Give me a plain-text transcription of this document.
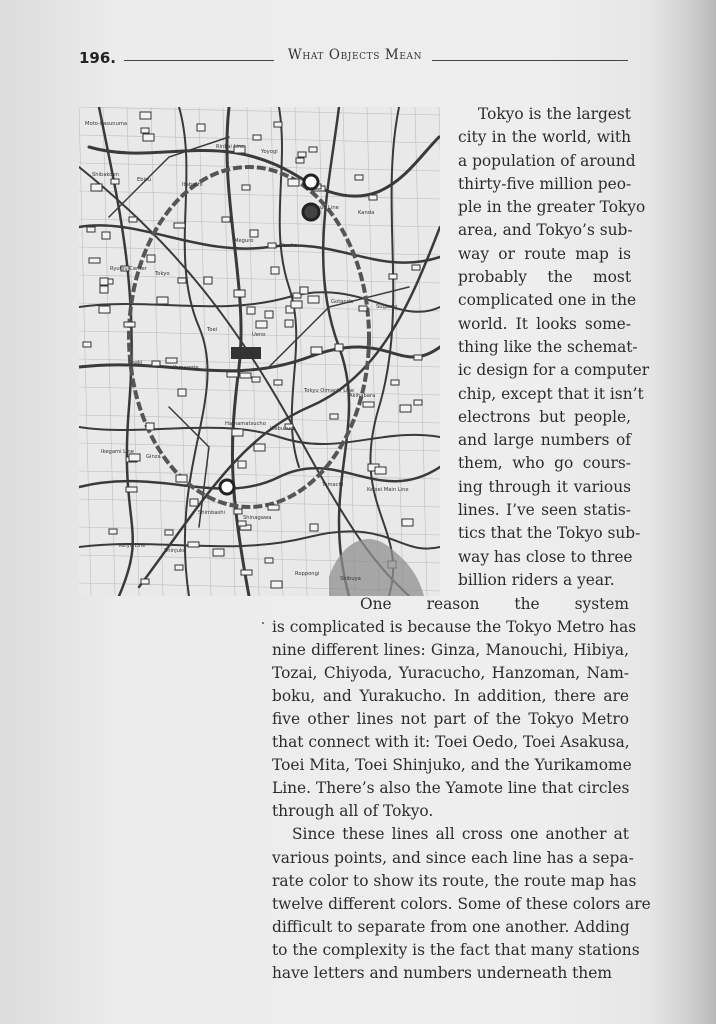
196.	What Objects Mean
Moto-hasunuma
Itabashi
Otsuka
Sugamo
Yamanote
Ikebukuro
Keisei Main Line
Shinjuku
Yoyogi
Kanda
Tokyo
Ueno
Akihabara
Ginza
Shinagawa
Shibuya
Ebisu
Meguro
Gotanda
Osaki
Hamamatsucho
Tamachi
Keiyo Line
Rinkai Line
Chuo Line
Ryutsu Center
Toei
Tokyu Oimachi Line
Ikegami Line
Shimbashi
Roppongi
Shibakoen
Tokyo is the largest
city in the world, with
a population of around
thirty-five million peo-
ple in the greater Tokyo
area, and Tokyo’s sub-
way or route map is
probably the most
complicated one in the
world. It looks some-
thing like the schemat-
ic design for a computer
chip, except that it isn’t
electrons but people,
and large numbers of
them, who go cours-
ing through it various
lines. I’ve seen statis-
tics that the Tokyo sub-
way has close to three
billion riders a year.
One reason the system
is complicated is because the Tokyo Metro has
nine different lines: Ginza, Manouchi, Hibiya,
Tozai, Chiyoda, Yuracucho, Hanzoman, Nam-
boku, and Yurakucho. In addition, there are
five other lines not part of the Tokyo Metro
that connect with it: Toei Oedo, Toei Asakusa,
Toei Mita, Toei Shinjuko, and the Yurikamome
Line. There’s also the Yamote line that circles
through all of Tokyo.
Since these lines all cross one another at
various points, and since each line has a sepa-
rate color to show its route, the route map has
twelve different colors. Some of these colors are
difficult to separate from one another. Adding
to the complexity is the fact that many stations
have letters and numbers underneath them
